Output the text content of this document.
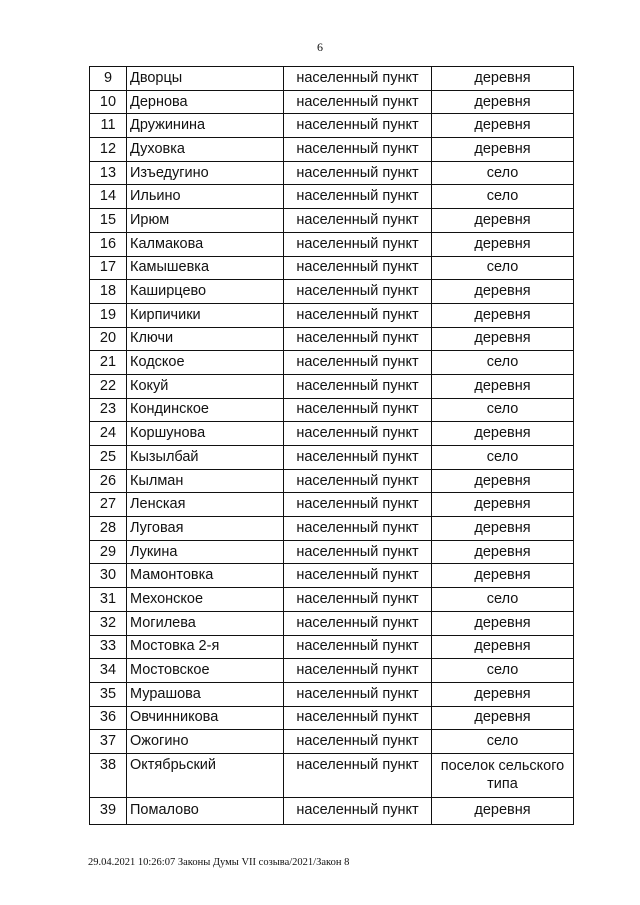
6
9	Дворцы	населенный пункт	деревня
10	Дернова	населенный пункт	деревня
11	Дружинина	населенный пункт	деревня
12	Духовка	населенный пункт	деревня
13	Изъедугино	населенный пункт	село
14	Ильино	населенный пункт	село
15	Ирюм	населенный пункт	деревня
16	Калмакова	населенный пункт	деревня
17	Камышевка	населенный пункт	село
18	Каширцево	населенный пункт	деревня
19	Кирпичики	населенный пункт	деревня
20	Ключи	населенный пункт	деревня
21	Кодское	населенный пункт	село
22	Кокуй	населенный пункт	деревня
23	Кондинское	населенный пункт	село
24	Коршунова	населенный пункт	деревня
25	Кызылбай	населенный пункт	село
26	Кылман	населенный пункт	деревня
27	Ленская	населенный пункт	деревня
28	Луговая	населенный пункт	деревня
29	Лукина	населенный пункт	деревня
30	Мамонтовка	населенный пункт	деревня
31	Мехонское	населенный пункт	село
32	Могилева	населенный пункт	деревня
33	Мостовка 2-я	населенный пункт	деревня
34	Мостовское	населенный пункт	село
35	Мурашова	населенный пункт	деревня
36	Овчинникова	населенный пункт	деревня
37	Ожогино	населенный пункт	село
38	Октябрьский	населенный пункт	поселок сельского типа
39	Помалово	населенный пункт	деревня
29.04.2021 10:26:07 Законы Думы VII созыва/2021/Закон 8
